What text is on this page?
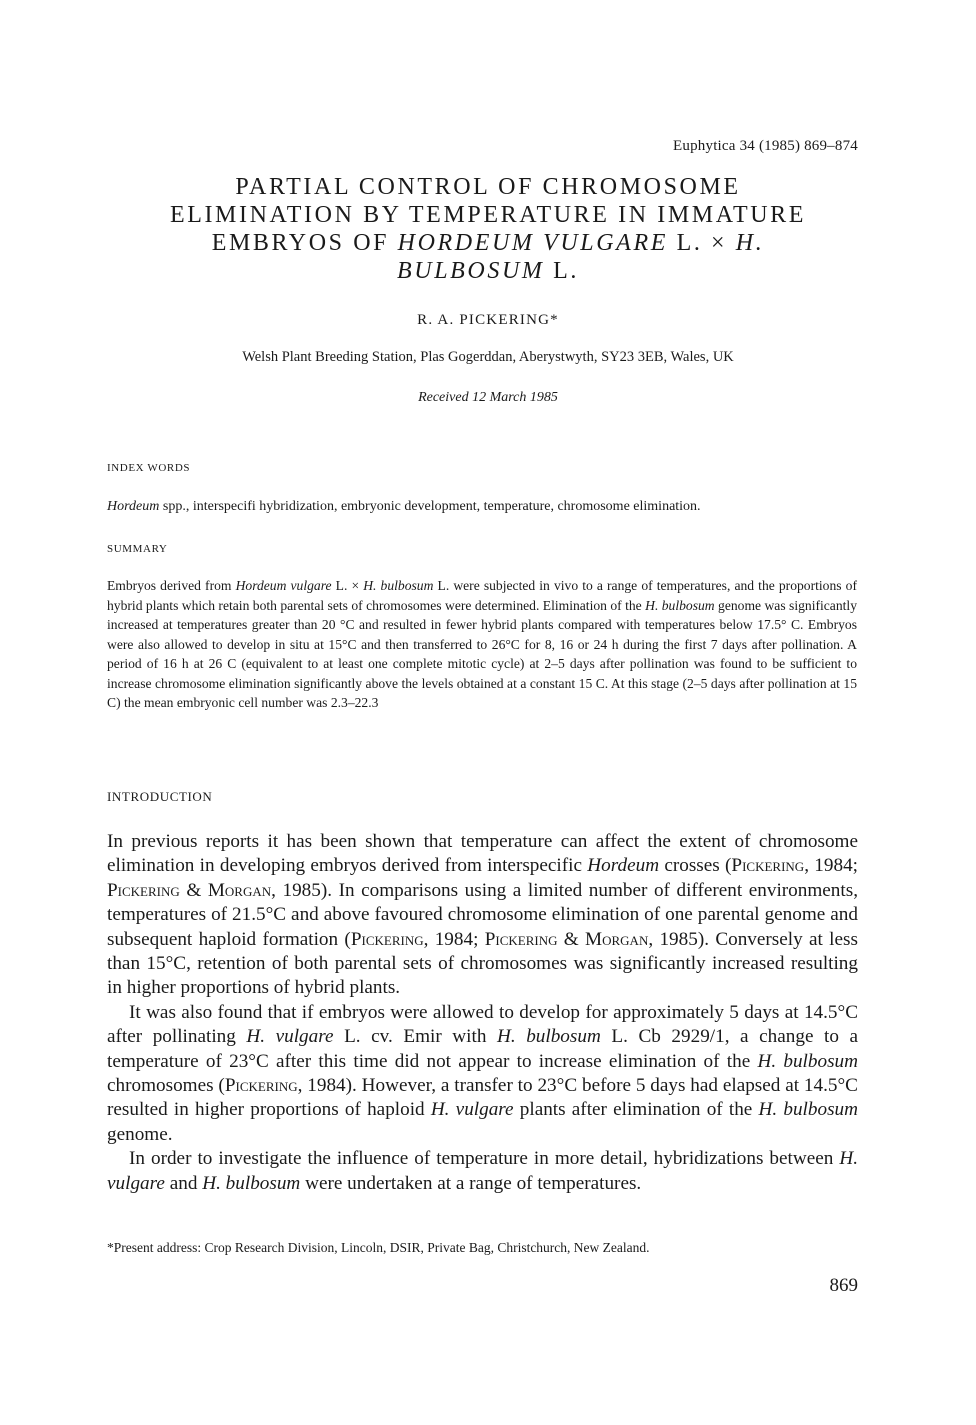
Euphytica 34 (1985) 869–874
PARTIAL CONTROL OF CHROMOSOME
ELIMINATION BY TEMPERATURE IN IMMATURE
EMBRYOS OF HORDEUM VULGARE L. × H.
BULBOSUM L.
R. A. PICKERING*
Welsh Plant Breeding Station, Plas Gogerddan, Aberystwyth, SY23 3EB, Wales, UK
Received 12 March 1985
INDEX WORDS
Hordeum spp., interspecifi hybridization, embryonic development, temperature, chromosome elimination.
SUMMARY
Embryos derived from Hordeum vulgare L. × H. bulbosum L. were subjected in vivo to a range of temperatures, and the proportions of hybrid plants which retain both parental sets of chromosomes were determined. Elimination of the H. bulbosum genome was significantly increased at temperatures greater than 20 °C and resulted in fewer hybrid plants compared with temperatures below 17.5° C. Embryos were also allowed to develop in situ at 15°C and then transferred to 26°C for 8, 16 or 24 h during the first 7 days after pollination. A period of 16 h at 26 C (equivalent to at least one complete mitotic cycle) at 2–5 days after pollination was found to be sufficient to increase chromosome elimination significantly above the levels obtained at a constant 15 C. At this stage (2–5 days after pollination at 15 C) the mean embryonic cell number was 2.3–22.3
INTRODUCTION

In previous reports it has been shown that temperature can affect the extent of chromosome elimination in developing embryos derived from interspecific Hordeum crosses (Pickering, 1984; Pickering & Morgan, 1985). In comparisons using a limited number of different environments, temperatures of 21.5°C and above favoured chromosome elimination of one parental genome and subsequent haploid formation (Pickering, 1984; Pickering & Morgan, 1985). Conversely at less than 15°C, retention of both parental sets of chromosomes was significantly increased resulting in higher proportions of hybrid plants.

It was also found that if embryos were allowed to develop for approximately 5 days at 14.5°C after pollinating H. vulgare L. cv. Emir with H. bulbosum L. Cb 2929/1, a change to a temperature of 23°C after this time did not appear to increase elimination of the H. bulbosum chromosomes (Pickering, 1984). However, a transfer to 23°C before 5 days had elapsed at 14.5°C resulted in higher proportions of haploid H. vulgare plants after elimination of the H. bulbosum genome.

In order to investigate the influence of temperature in more detail, hybridizations between H. vulgare and H. bulbosum were undertaken at a range of temperatures.

*Present address: Crop Research Division, Lincoln, DSIR, Private Bag, Christchurch, New Zealand.
869
